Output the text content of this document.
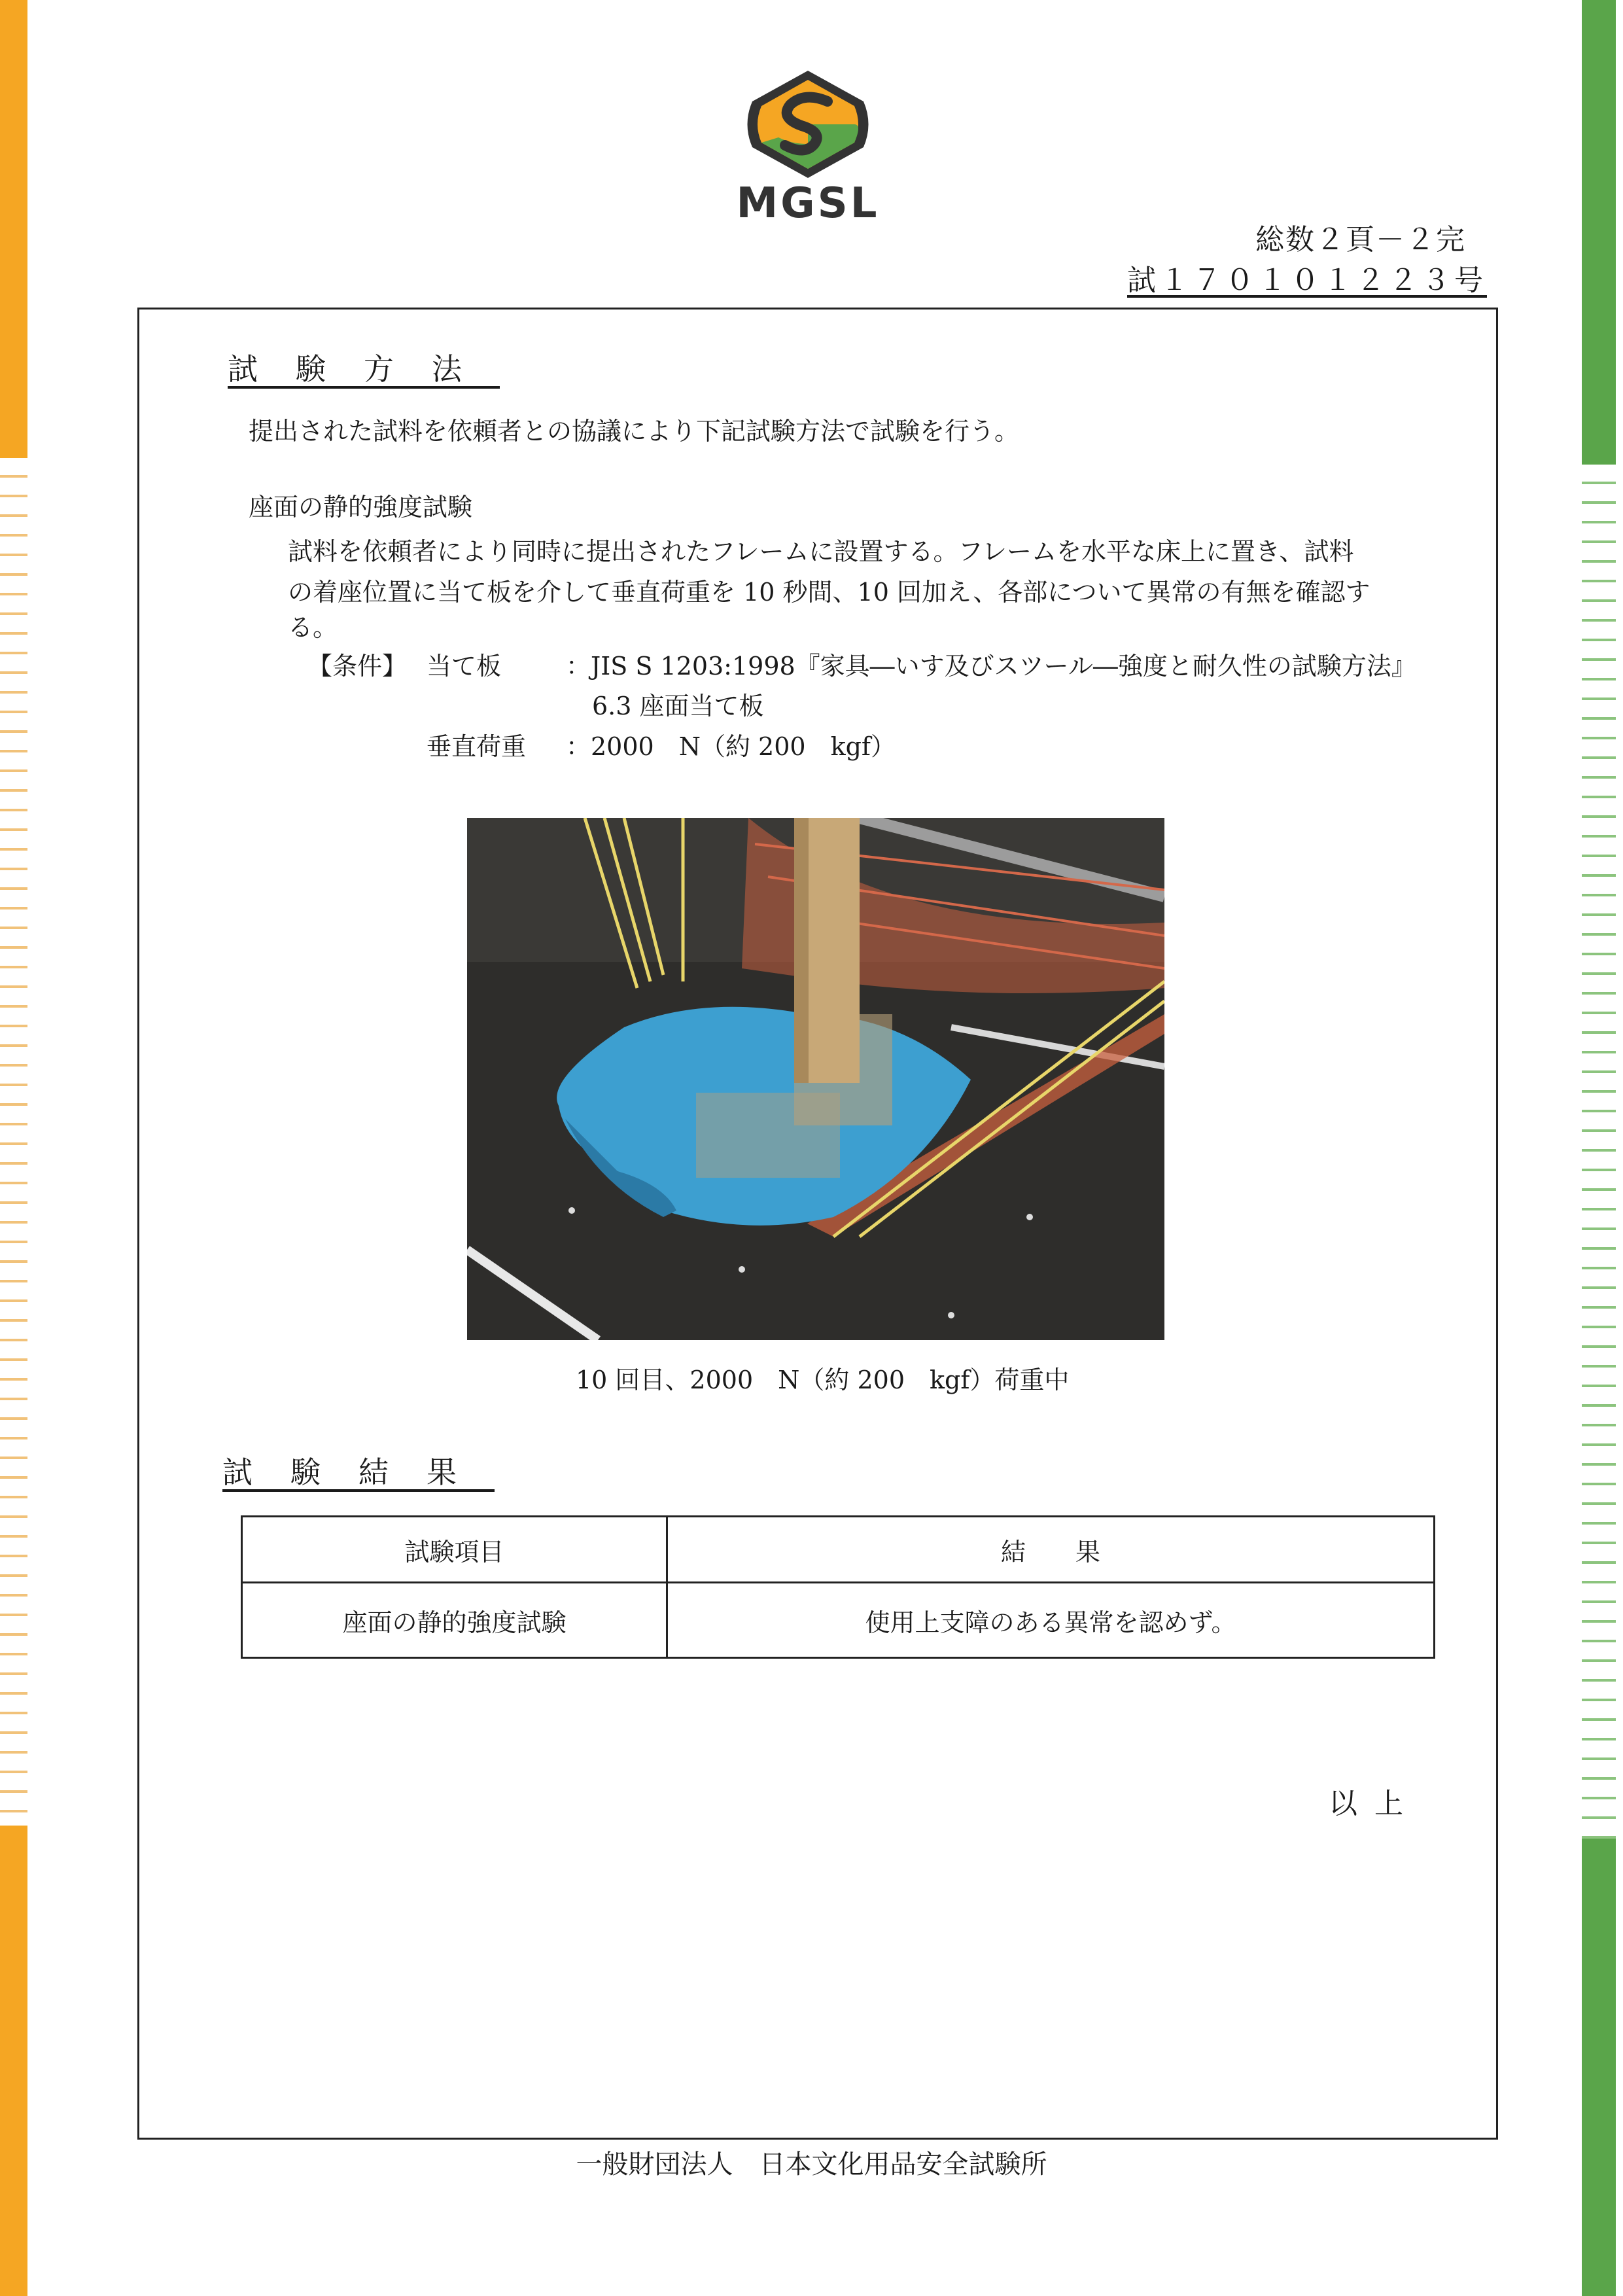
MGSL
総数２頁－２完
試１７０１０１２２３号
試験方法
提出された試料を依頼者との協議により下記試験方法で試験を行う。
座面の静的強度試験
試料を依頼者により同時に提出されたフレームに設置する。フレームを水平な床上に置き、試料
の着座位置に当て板を介して垂直荷重を 10 秒間、10 回加え、各部について異常の有無を確認す
る。
【条件】 当て板	：JIS S 1203:1998『家具―いす及びスツール―強度と耐久性の試験方法』
6.3 座面当て板
垂直荷重 ：2000　N（約 200　kgf）
10 回目、2000　N（約 200　kgf）荷重中
試験結果
試験項目	結　　果
座面の静的強度試験	使用上支障のある異常を認めず。
以上
一般財団法人　日本文化用品安全試験所
